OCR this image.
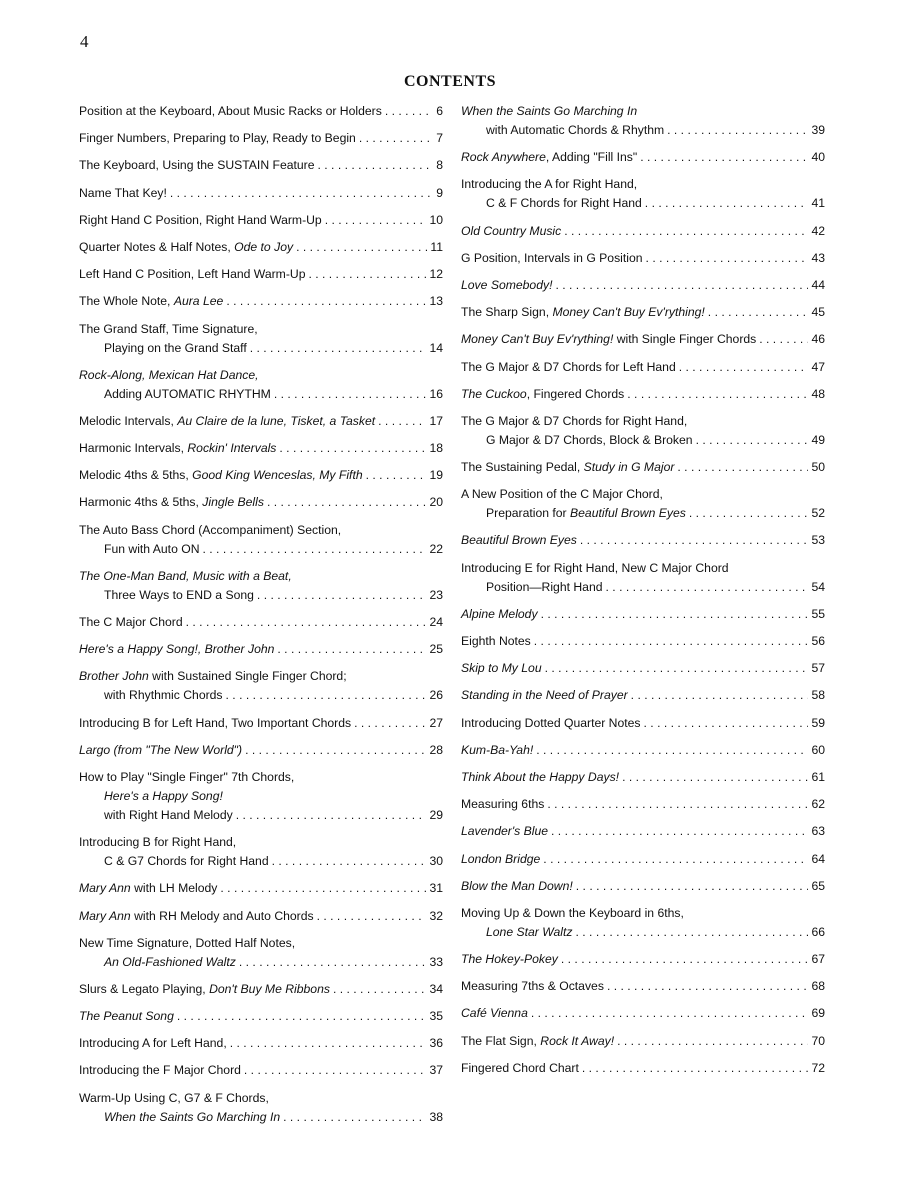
4
CONTENTS
Position at the Keyboard, About Music Racks or Holders . . .	6
Finger Numbers, Preparing to Play, Ready to Begin . . .	7
The Keyboard, Using the SUSTAIN Feature . . .	8
Name That Key! . . .	9
Right Hand C Position, Right Hand Warm-Up . . .	10
Quarter Notes & Half Notes, Ode to Joy . . .	11
Left Hand C Position, Left Hand Warm-Up . . .	12
The Whole Note, Aura Lee . . .	13
The Grand Staff, Time Signature,
Playing on the Grand Staff . . .	14
Rock-Along, Mexican Hat Dance,
Adding AUTOMATIC RHYTHM . . .	16
Melodic Intervals, Au Claire de la lune, Tisket, a Tasket . . .	17
Harmonic Intervals, Rockin' Intervals . . .	18
Melodic 4ths & 5ths, Good King Wenceslas, My Fifth . . .	19
Harmonic 4ths & 5ths, Jingle Bells . . .	20
The Auto Bass Chord (Accompaniment) Section,
Fun with Auto ON . . .	22
The One-Man Band, Music with a Beat,
Three Ways to END a Song . . .	23
The C Major Chord . . .	24
Here's a Happy Song!, Brother John . . .	25
Brother John with Sustained Single Finger Chord;
with Rhythmic Chords . . .	26
Introducing B for Left Hand, Two Important Chords . . .	27
Largo (from "The New World") . . .	28
How to Play "Single Finger" 7th Chords,
Here's a Happy Song!
with Right Hand Melody . . .	29
Introducing B for Right Hand,
C & G7 Chords for Right Hand . . .	30
Mary Ann with LH Melody . . .	31
Mary Ann with RH Melody and Auto Chords . . .	32
New Time Signature, Dotted Half Notes,
An Old-Fashioned Waltz . . .	33
Slurs & Legato Playing, Don't Buy Me Ribbons . . .	34
The Peanut Song . . .	35
Introducing A for Left Hand, . . .	36
Introducing the F Major Chord . . .	37
Warm-Up Using C, G7 & F Chords,
When the Saints Go Marching In . . .	38
When the Saints Go Marching In
with Automatic Chords & Rhythm . . .	39
Rock Anywhere, Adding "Fill Ins" . . .	40
Introducing the A for Right Hand,
C & F Chords for Right Hand . . .	41
Old Country Music . . .	42
G Position, Intervals in G Position . . .	43
Love Somebody! . . .	44
The Sharp Sign, Money Can't Buy Ev'rything! . . .	45
Money Can't Buy Ev'rything! with Single Finger Chords . . .	46
The G Major & D7 Chords for Left Hand . . .	47
The Cuckoo, Fingered Chords . . .	48
The G Major & D7 Chords for Right Hand,
G Major & D7 Chords, Block & Broken . . .	49
The Sustaining Pedal, Study in G Major . . .	50
A New Position of the C Major Chord,
Preparation for Beautiful Brown Eyes . . .	52
Beautiful Brown Eyes . . .	53
Introducing E for Right Hand, New C Major Chord
Position—Right Hand . . .	54
Alpine Melody . . .	55
Eighth Notes . . .	56
Skip to My Lou . . .	57
Standing in the Need of Prayer . . .	58
Introducing Dotted Quarter Notes . . .	59
Kum-Ba-Yah! . . .	60
Think About the Happy Days! . . .	61
Measuring 6ths . . .	62
Lavender's Blue . . .	63
London Bridge . . .	64
Blow the Man Down! . . .	65
Moving Up & Down the Keyboard in 6ths,
Lone Star Waltz . . .	66
The Hokey-Pokey . . .	67
Measuring 7ths & Octaves . . .	68
Café Vienna . . .	69
The Flat Sign, Rock It Away! . . .	70
Fingered Chord Chart . . .	72
